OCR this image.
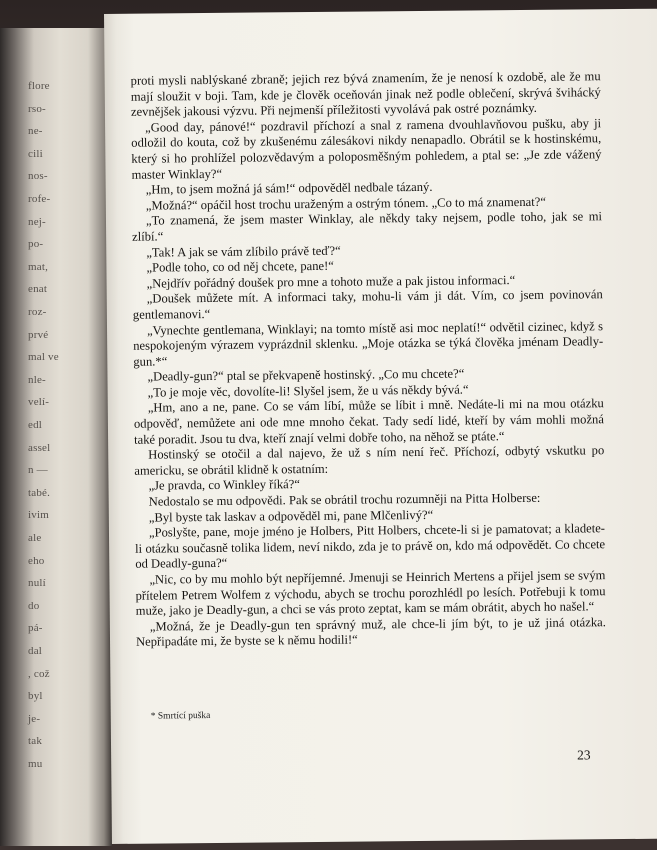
flore
rso-
ne-
cili
nos-
rofe-
nej-
po-
mat,
enat
roz-
prvé
mal ve
nle-
velí-
edl
assel
n —
tabé.
ivim
ale
eho
nulí
do
pá-
dal
, což
byl
je-
tak
mu

proti mysli nablýskané zbraně; jejich rez bývá znamením, že je nenosí k ozdobě, ale že mu mají sloužit v boji. Tam, kde je člověk oceňován jinak než podle oblečení, skrývá švihácký zevnějšek jakousi výzvu. Při nejmenší příležitosti vyvolává pak ostré poznámky.

„Good day, pánové!“ pozdravil příchozí a snal z ramena dvouhlavňovou pušku, aby ji odložil do kouta, což by zkušenému zálesákovi nikdy nenapadlo. Obrátil se k hostinskému, který si ho prohlížel polozvědavým a poloposměšným pohledem, a ptal se: „Je zde vážený master Winklay?“

„Hm, to jsem možná já sám!“ odpověděl nedbale tázaný.

„Možná?“ opáčil host trochu uraženým a ostrým tónem. „Co to má znamenat?“

„To znamená, že jsem master Winklay, ale někdy taky nejsem, podle toho, jak se mi zlíbí.“

„Tak! A jak se vám zlíbilo právě teď?“

„Podle toho, co od něj chcete, pane!“

„Nejdřív pořádný doušek pro mne a tohoto muže a pak jistou informaci.“

„Doušek můžete mít. A informaci taky, mohu-li vám ji dát. Vím, co jsem povinován gentlemanovi.“

„Vynechte gentlemana, Winklayi; na tomto místě asi moc neplatí!“ odvětil cizinec, když s nespokojeným výrazem vyprázdnil sklenku. „Moje otázka se týká člověka jménam Deadly-gun.*“

„Deadly-gun?“ ptal se překvapeně hostinský. „Co mu chcete?“

„To je moje věc, dovolíte-li! Slyšel jsem, že u vás někdy bývá.“

„Hm, ano a ne, pane. Co se vám líbí, může se líbit i mně. Nedáte-li mi na mou otázku odpověď, nemůžete ani ode mne mnoho čekat. Tady sedí lidé, kteří by vám mohli možná také poradit. Jsou tu dva, kteří znají velmi dobře toho, na něhož se ptáte.“

Hostinský se otočil a dal najevo, že už s ním není řeč. Příchozí, odbytý vskutku po americku, se obrátil klidně k ostatním:

„Je pravda, co Winkley říká?“

Nedostalo se mu odpovědi. Pak se obrátil trochu rozumněji na Pitta Holberse:

„Byl byste tak laskav a odpověděl mi, pane Mlčenlivý?“

„Poslyšte, pane, moje jméno je Holbers, Pitt Holbers, chcete-li si je pamatovat; a kladete-li otázku současně tolika lidem, neví nikdo, zda je to právě on, kdo má odpovědět. Co chcete od Deadly-guna?“

„Nic, co by mu mohlo být nepříjemné. Jmenuji se Heinrich Mertens a přijel jsem se svým přítelem Petrem Wolfem z východu, abych se trochu porozhlédl po lesích. Potřebuji k tomu muže, jako je Deadly-gun, a chci se vás proto zeptat, kam se mám obrátit, abych ho našel.“

„Možná, že je Deadly-gun ten správný muž, ale chce-li jím být, to je už jiná otázka. Nepřipadáte mi, že byste se k němu hodili!“

* Smrtící puška
23
